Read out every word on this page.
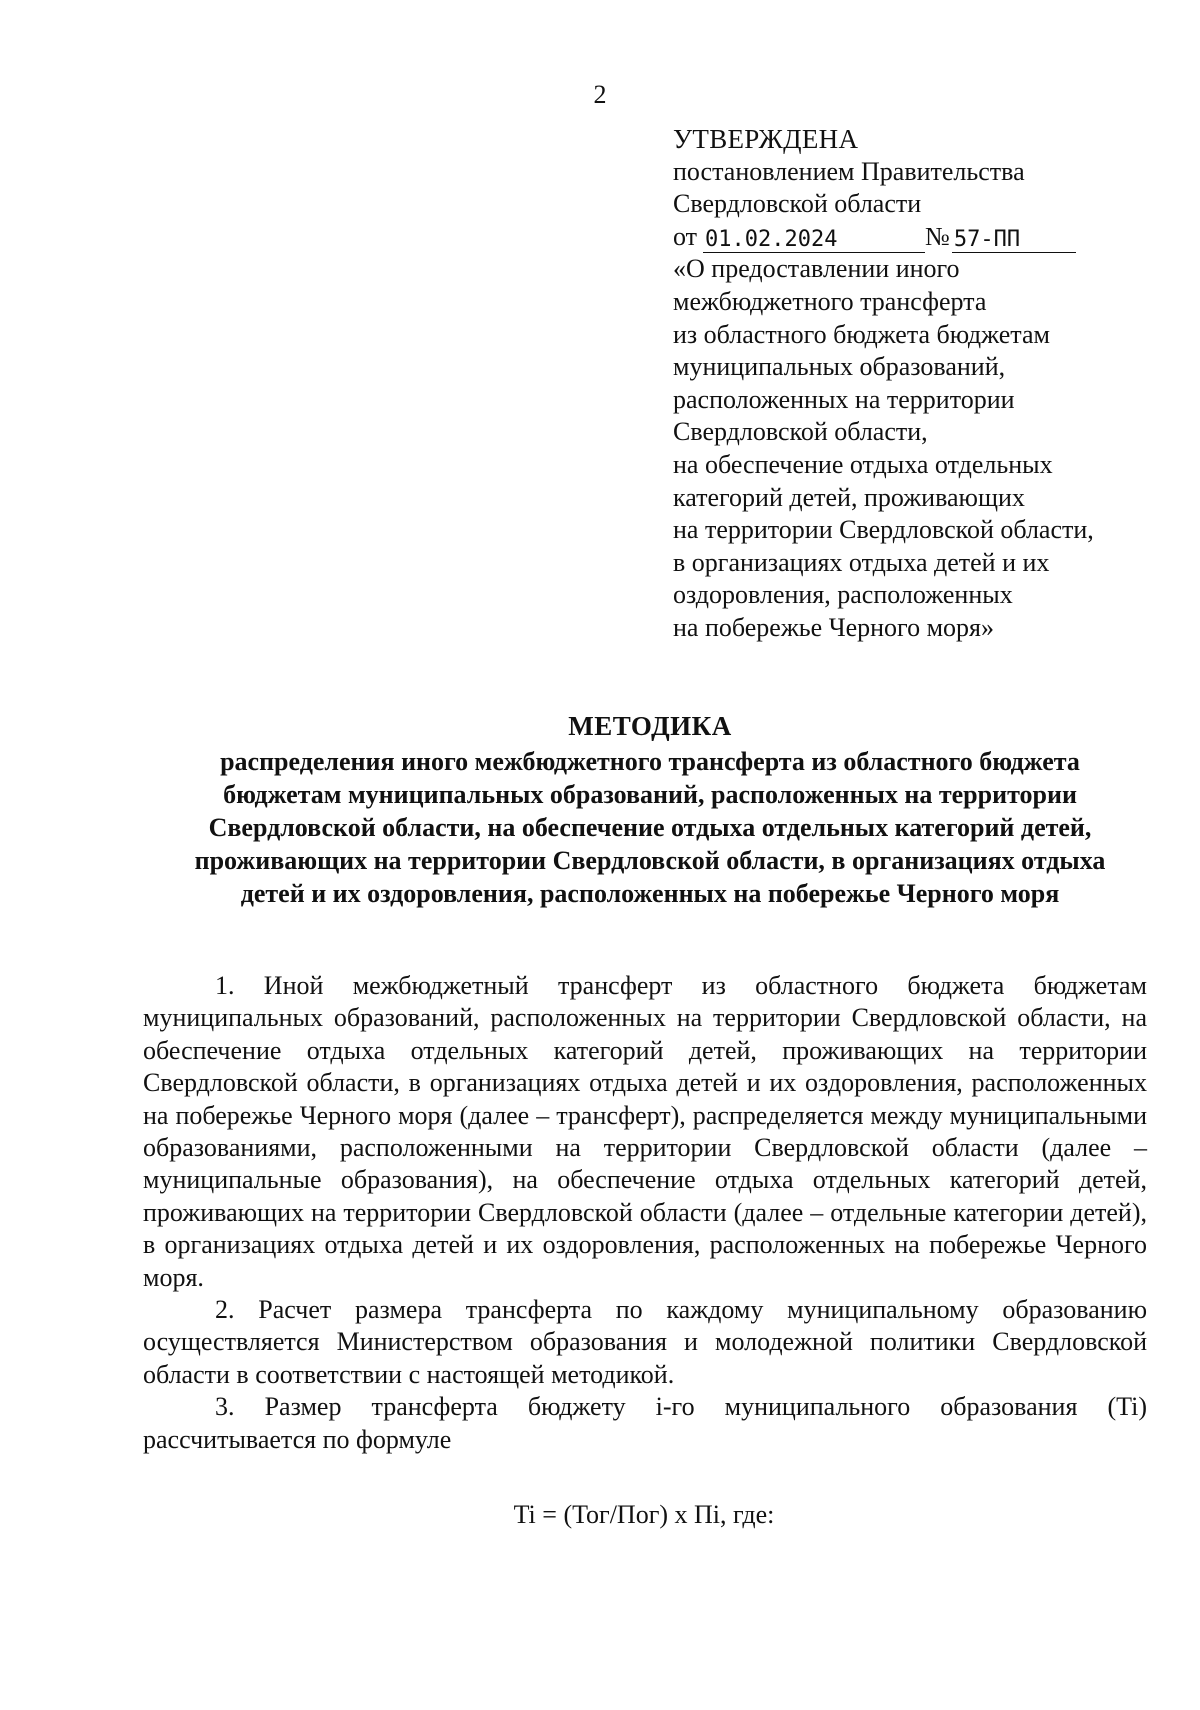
2
УТВЕРЖДЕНА
постановлением Правительства
Свердловской области
от 01.02.2024	№ 57-ПП
«О предоставлении иного
межбюджетного трансферта
из областного бюджета бюджетам
муниципальных образований,
расположенных на территории
Свердловской области,
на обеспечение отдыха отдельных
категорий детей, проживающих
на территории Свердловской области,
в организациях отдыха детей и их
оздоровления, расположенных
на побережье Черного моря»
МЕТОДИКА
распределения иного межбюджетного трансферта из областного бюджета
бюджетам муниципальных образований, расположенных на территории
Свердловской области, на обеспечение отдыха отдельных категорий детей,
проживающих на территории Свердловской области, в организациях отдыха
детей и их оздоровления, расположенных на побережье Черного моря

1. Иной межбюджетный трансферт из областного бюджета бюджетам муниципальных образований, расположенных на территории Свердловской области, на обеспечение отдыха отдельных категорий детей, проживающих на территории Свердловской области, в организациях отдыха детей и их оздоровления, расположенных на побережье Черного моря (далее – трансферт), распределяется между муниципальными образованиями, расположенными на территории Свердловской области (далее – муниципальные образования), на обеспечение отдыха отдельных категорий детей, проживающих на территории Свердловской области (далее – отдельные категории детей), в организациях отдыха детей и их оздоровления, расположенных на побережье Черного моря.

2. Расчет размера трансферта по каждому муниципальному образованию осуществляется Министерством образования и молодежной политики Свердловской области в соответствии с настоящей методикой.

3. Размер трансферта бюджету i-го муниципального образования (Ti) рассчитывается по формуле

Ti = (Тог/Пог) x Пi, где:
